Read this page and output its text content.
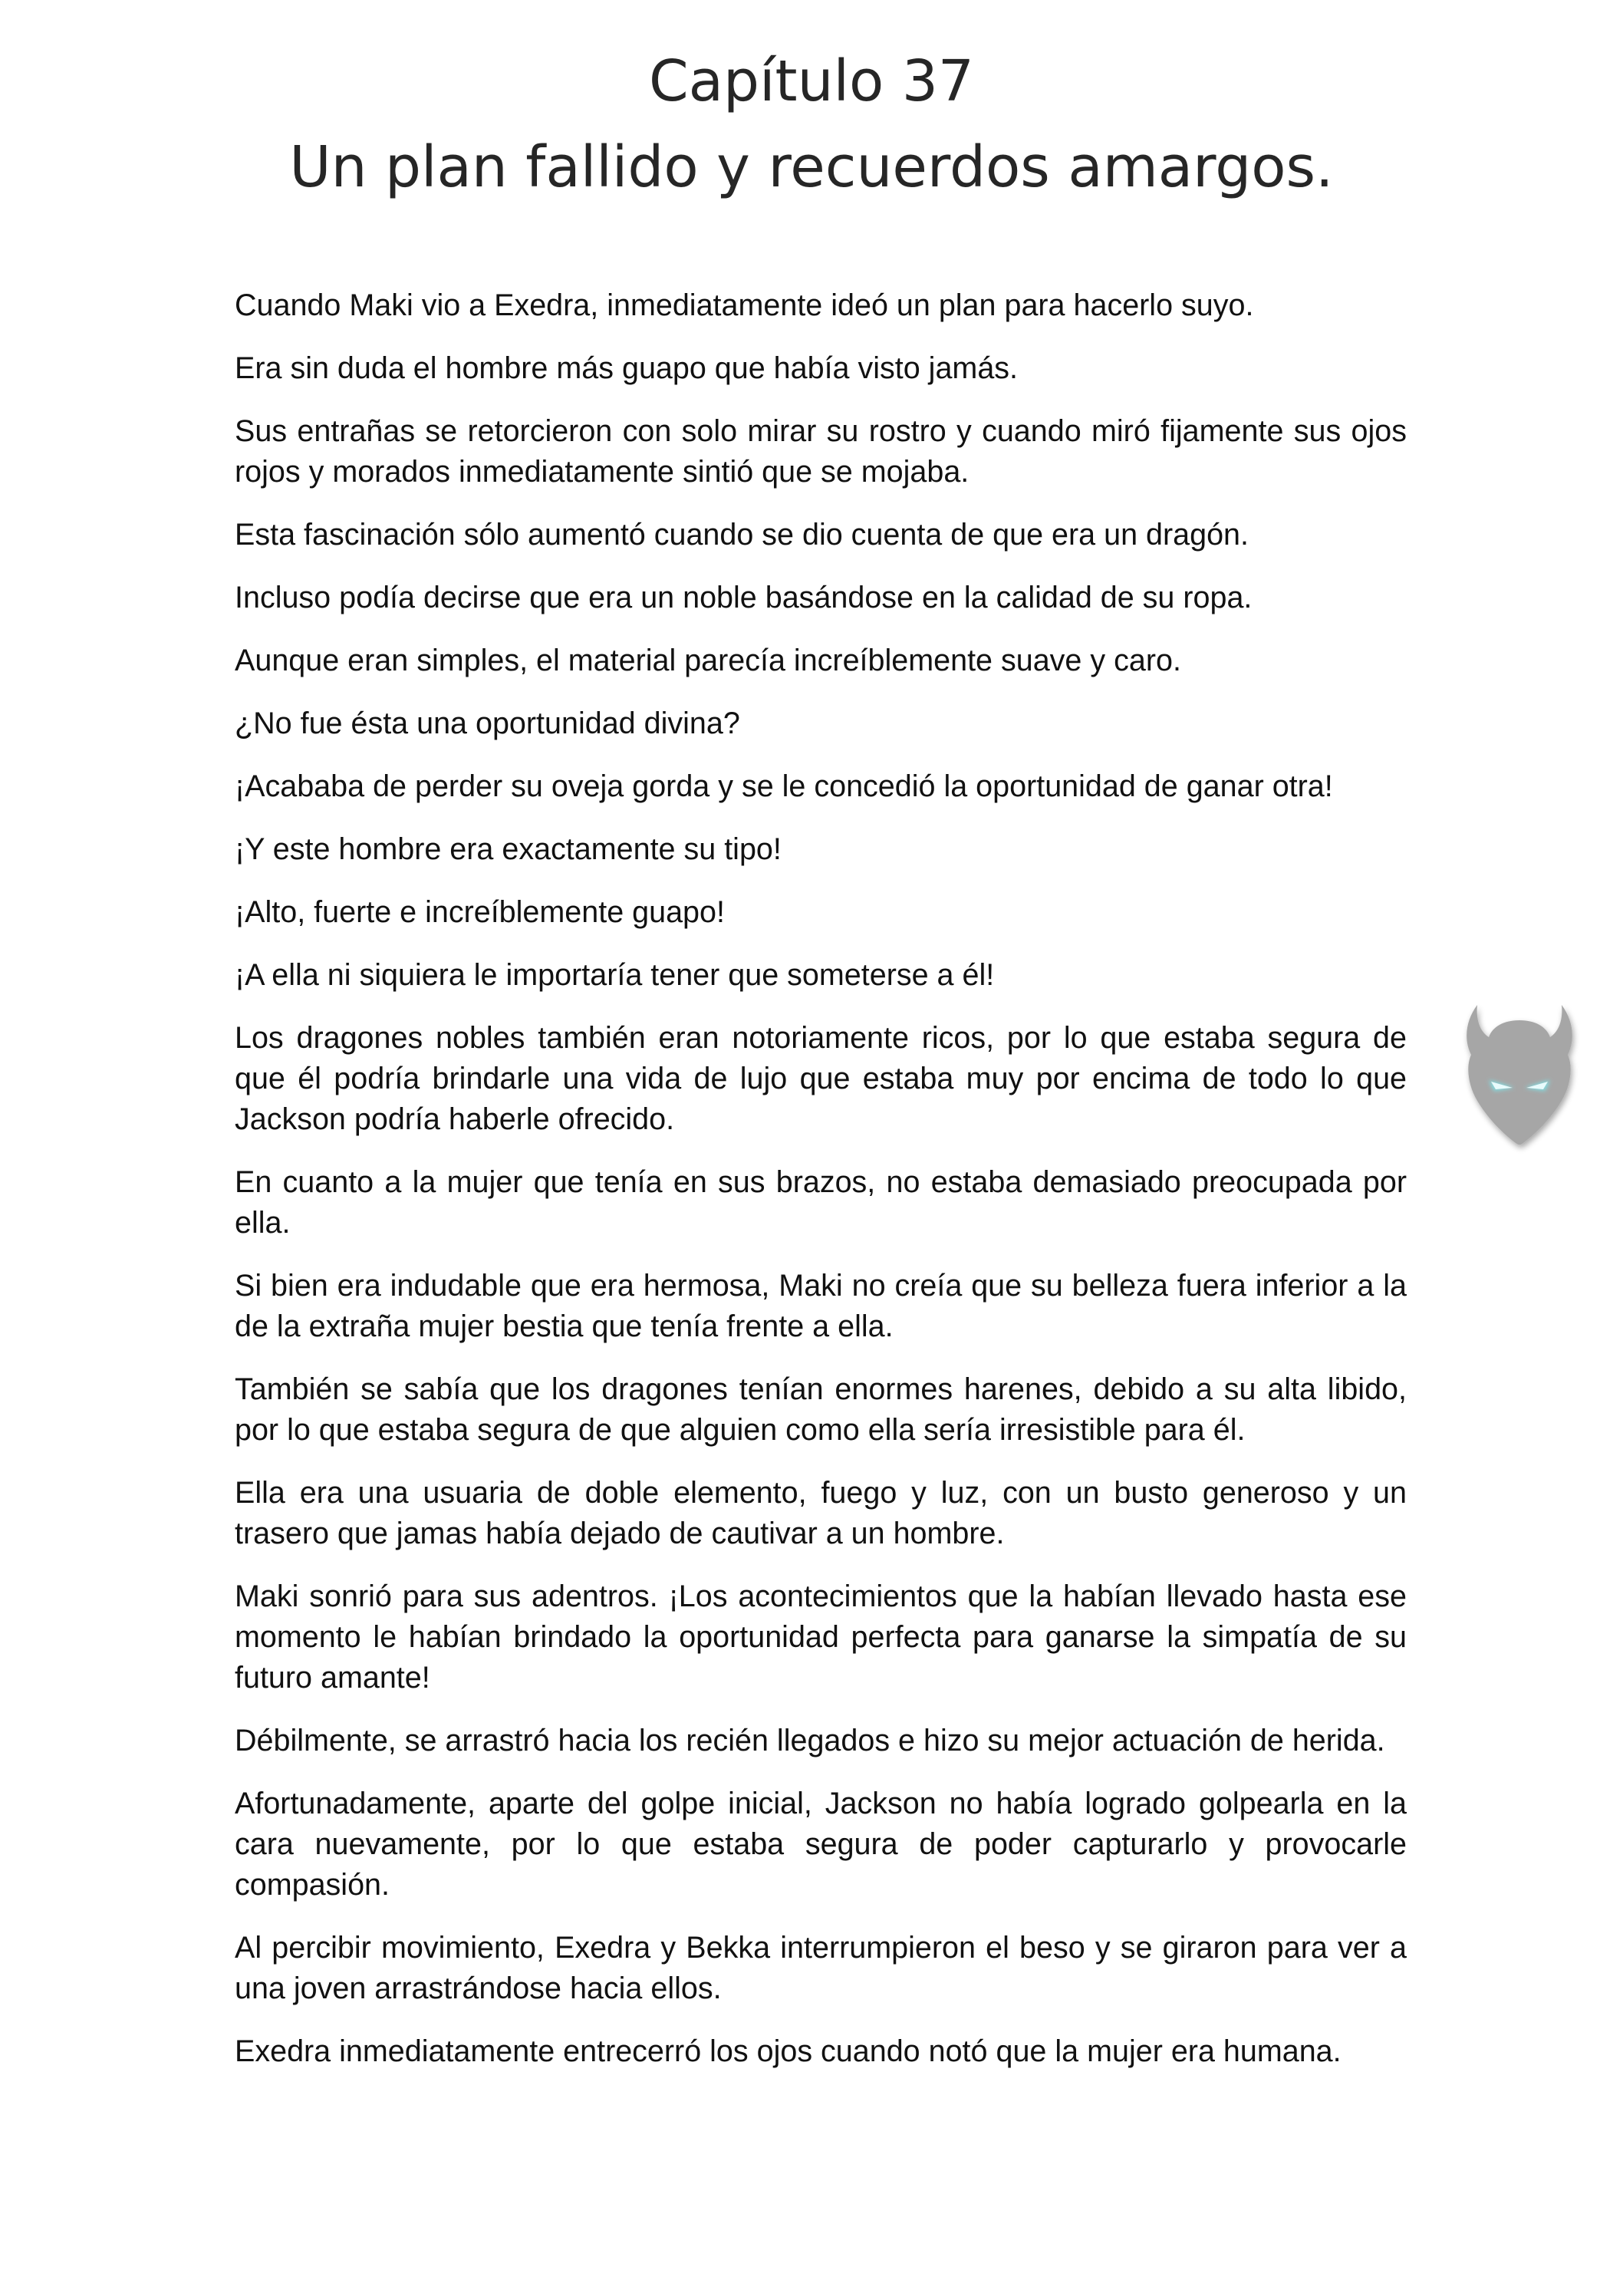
Capítulo 37
Un plan fallido y recuerdos amargos.

Cuando Maki vio a Exedra, inmediatamente ideó un plan para hacerlo suyo.

Era sin duda el hombre más guapo que había visto jamás.

Sus entrañas se retorcieron con solo mirar su rostro y cuando miró fijamente sus ojos rojos y morados inmediatamente sintió que se mojaba.

Esta fascinación sólo aumentó cuando se dio cuenta de que era un dragón.

Incluso podía decirse que era un noble basándose en la calidad de su ropa.

Aunque eran simples, el material parecía increíblemente suave y caro.

¿No fue ésta una oportunidad divina?

¡Acababa de perder su oveja gorda y se le concedió la oportunidad de ganar otra!

¡Y este hombre era exactamente su tipo!

¡Alto, fuerte e increíblemente guapo!

¡A ella ni siquiera le importaría tener que someterse a él!

Los dragones nobles también eran notoriamente ricos, por lo que estaba segura de que él podría brindarle una vida de lujo que estaba muy por encima de todo lo que Jackson podría haberle ofrecido.

En cuanto a la mujer que tenía en sus brazos, no estaba demasiado preocupada por ella.

Si bien era indudable que era hermosa, Maki no creía que su belleza fuera inferior a la de la extraña mujer bestia que tenía frente a ella.

También se sabía que los dragones tenían enormes harenes, debido a su alta libido, por lo que estaba segura de que alguien como ella sería irresistible para él.

Ella era una usuaria de doble elemento, fuego y luz, con un busto generoso y un trasero que jamas había dejado de cautivar a un hombre.

Maki sonrió para sus adentros. ¡Los acontecimientos que la habían llevado hasta ese momento le habían brindado la oportunidad perfecta para ganarse la simpatía de su futuro amante!

Débilmente, se arrastró hacia los recién llegados e hizo su mejor actuación de herida.

Afortunadamente, aparte del golpe inicial, Jackson no había logrado golpearla en la cara nuevamente, por lo que estaba segura de poder capturarlo y provocarle compasión.

Al percibir movimiento, Exedra y Bekka interrumpieron el beso y se giraron para ver a una joven arrastrándose hacia ellos.

Exedra inmediatamente entrecerró los ojos cuando notó que la mujer era humana.
